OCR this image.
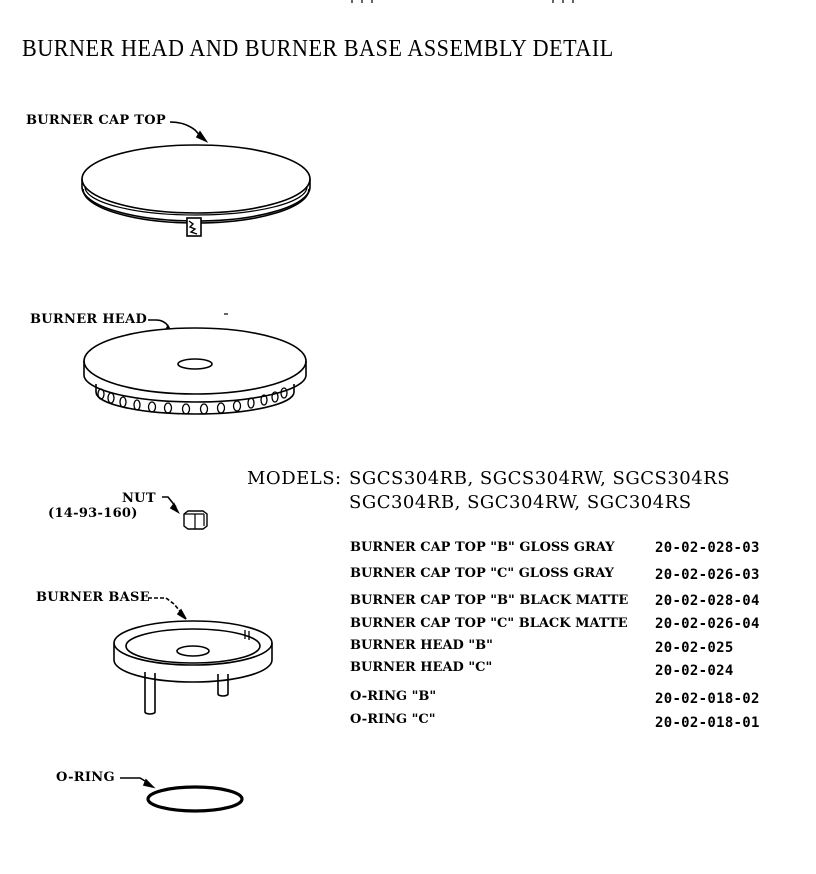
BURNER HEAD AND BURNER BASE ASSEMBLY DETAIL
BURNER CAP TOP
BURNER HEAD
NUT
(14-93-160)
BURNER BASE
O-RING
MODELS: SGCS304RB, SGCS304RW, SGCS304RS
SGC304RB, SGC304RW, SGC304RS
BURNER CAP TOP "B" GLOSS GRAY	20-02-028-03
BURNER CAP TOP "C" GLOSS GRAY	20-02-026-03
BURNER CAP TOP "B" BLACK MATTE 20-02-028-04
BURNER CAP TOP "C" BLACK MATTE 20-02-026-04
BURNER HEAD "B"	20-02-025
BURNER HEAD "C"	20-02-024
O-RING "B"	20-02-018-02
O-RING "C"	20-02-018-01
